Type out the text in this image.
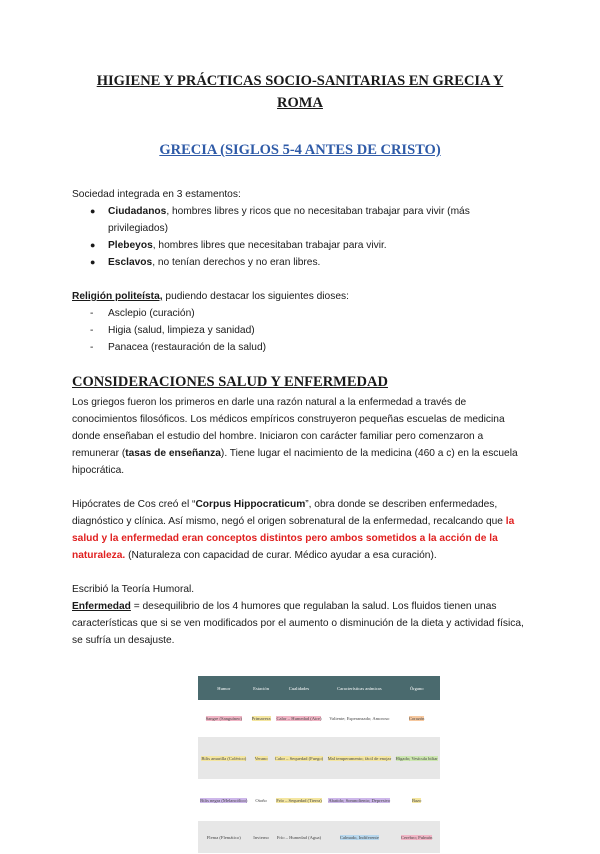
HIGIENE Y PRÁCTICAS SOCIO-SANITARIAS EN GRECIA Y ROMA
GRECIA (SIGLOS 5-4 ANTES DE CRISTO)

Sociedad integrada en 3 estamentos:

● Ciudadanos, hombres libres y ricos que no necesitaban trabajar para vivir (más privilegiados)
● Plebeyos, hombres libres que necesitaban trabajar para vivir.
● Esclavos, no tenían derechos y no eran libres.

Religión politeísta, pudiendo destacar los siguientes dioses:

- Asclepio (curación)
- Higia (salud, limpieza y sanidad)
- Panacea (restauración de la salud)
CONSIDERACIONES SALUD Y ENFERMEDAD

Los griegos fueron los primeros en darle una razón natural a la enfermedad a través de conocimientos filosóficos. Los médicos empíricos construyeron pequeñas escuelas de medicina donde enseñaban el estudio del hombre. Iniciaron con carácter familiar pero comenzaron a remunerar (tasas de enseñanza). Tiene lugar el nacimiento de la medicina (460 a c) en la escuela hipocrática.

Hipócrates de Cos creó el “Corpus Hippocraticum”, obra donde se describen enfermedades, diagnóstico y clínica. Así mismo, negó el origen sobrenatural de la enfermedad, recalcando que la salud y la enfermedad eran conceptos distintos pero ambos sometidos a la acción de la naturaleza. (Naturaleza con capacidad de curar. Médico ayudar a esa curación).

Escribió la Teoría Humoral.

Enfermedad = desequilibrio de los 4 humores que regulaban la salud. Los fluidos tienen unas características que si se ven modificados por el aumento o disminución de la dieta y actividad física, se sufría un desajuste.

Humor	Estación	Cualidades	Características anímicas	Órgano
Sangre (Sanguíneo)	Primavera	Calor – Humedad (Aire)	Valiente; Esperanzado; Amoroso	Corazón
Bilis amarilla (Colérico)	Verano	Calor – Sequedad (Fuego)	Mal temperamento; fácil de enojar	Hígado; Vesícula biliar
Bilis negra (Melancólico)	Otoño	Frío – Sequedad (Tierra)	Abatido; Somnoliento; Depresivo	Bazo
Flema (Flemático)	Invierno	Frío – Humedad (Agua)	Calmado, Indiferente	Cerebro; Pulmón
